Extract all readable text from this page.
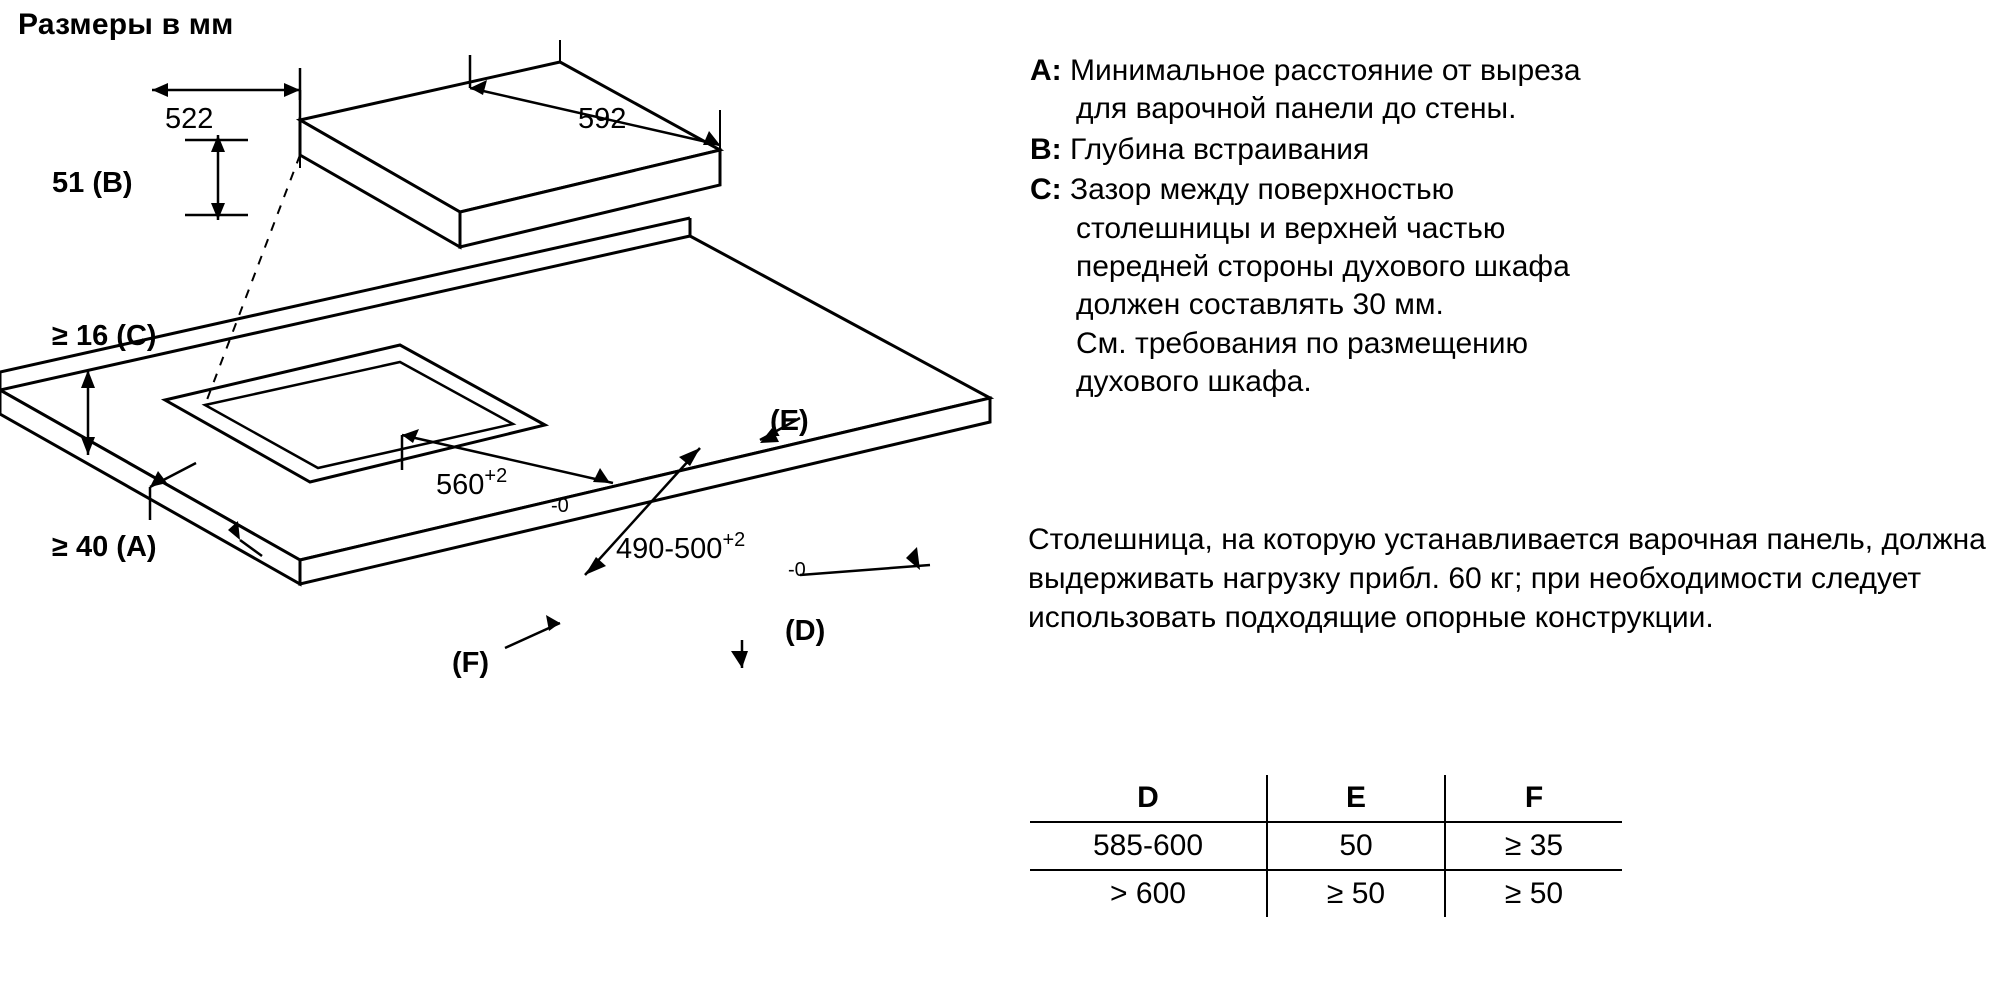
Размеры в мм
522	592
51 (B)
≥ 16 (C)
≥ 40 (A)
$560^{+2}-0$
$490-500^{+2}-0$
(E)
(D)
(F)
A: Минимальное расстояние от выреза
для варочной панели до стены.
B: Глубина встраивания
C: Зазор между поверхностью
столешницы и верхней частью
передней стороны духового шкафа
должен составлять 30 мм.
См. требования по размещению
духового шкафа.
Столешница, на которую устанавливается варочная панель, должна выдерживать нагрузку прибл. 60 кг; при необходимости следует использовать подходящие опорные конструкции.
D	E	F
585-600	50	≥ 35
> 600	≥ 50	≥ 50
